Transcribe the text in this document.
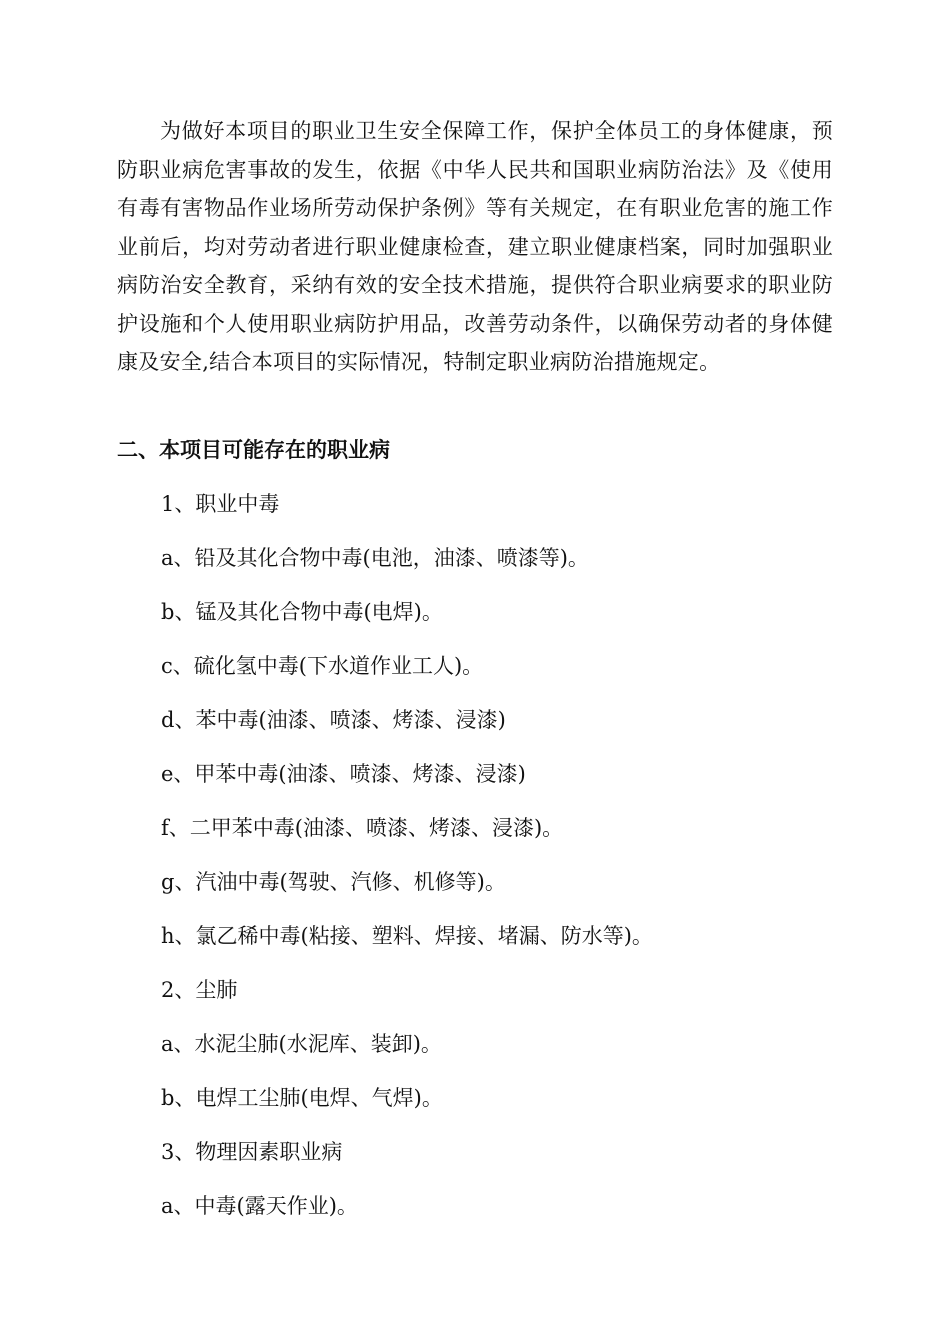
为做好本项目的职业卫生安全保障工作，保护全体员工的身体健康，预防职业病危害事故的发生，依据《中华人民共和国职业病防治法》及《使用有毒有害物品作业场所劳动保护条例》等有关规定，在有职业危害的施工作业前后，均对劳动者进行职业健康检查，建立职业健康档案，同时加强职业病防治安全教育，采纳有效的安全技术措施，提供符合职业病要求的职业防护设施和个人使用职业病防护用品，改善劳动条件，以确保劳动者的身体健康及安全,结合本项目的实际情况，特制定职业病防治措施规定。

二、本项目可能存在的职业病
1、职业中毒
a、铅及其化合物中毒(电池，油漆、喷漆等)。
b、锰及其化合物中毒(电焊)。
c、硫化氢中毒(下水道作业工人)。
d、苯中毒(油漆、喷漆、烤漆、浸漆)
e、甲苯中毒(油漆、喷漆、烤漆、浸漆)
f、二甲苯中毒(油漆、喷漆、烤漆、浸漆)。
g、汽油中毒(驾驶、汽修、机修等)。
h、氯乙稀中毒(粘接、塑料、焊接、堵漏、防水等)。
2、尘肺
a、水泥尘肺(水泥库、装卸)。
b、电焊工尘肺(电焊、气焊)。
3、物理因素职业病
a、中毒(露天作业)。
